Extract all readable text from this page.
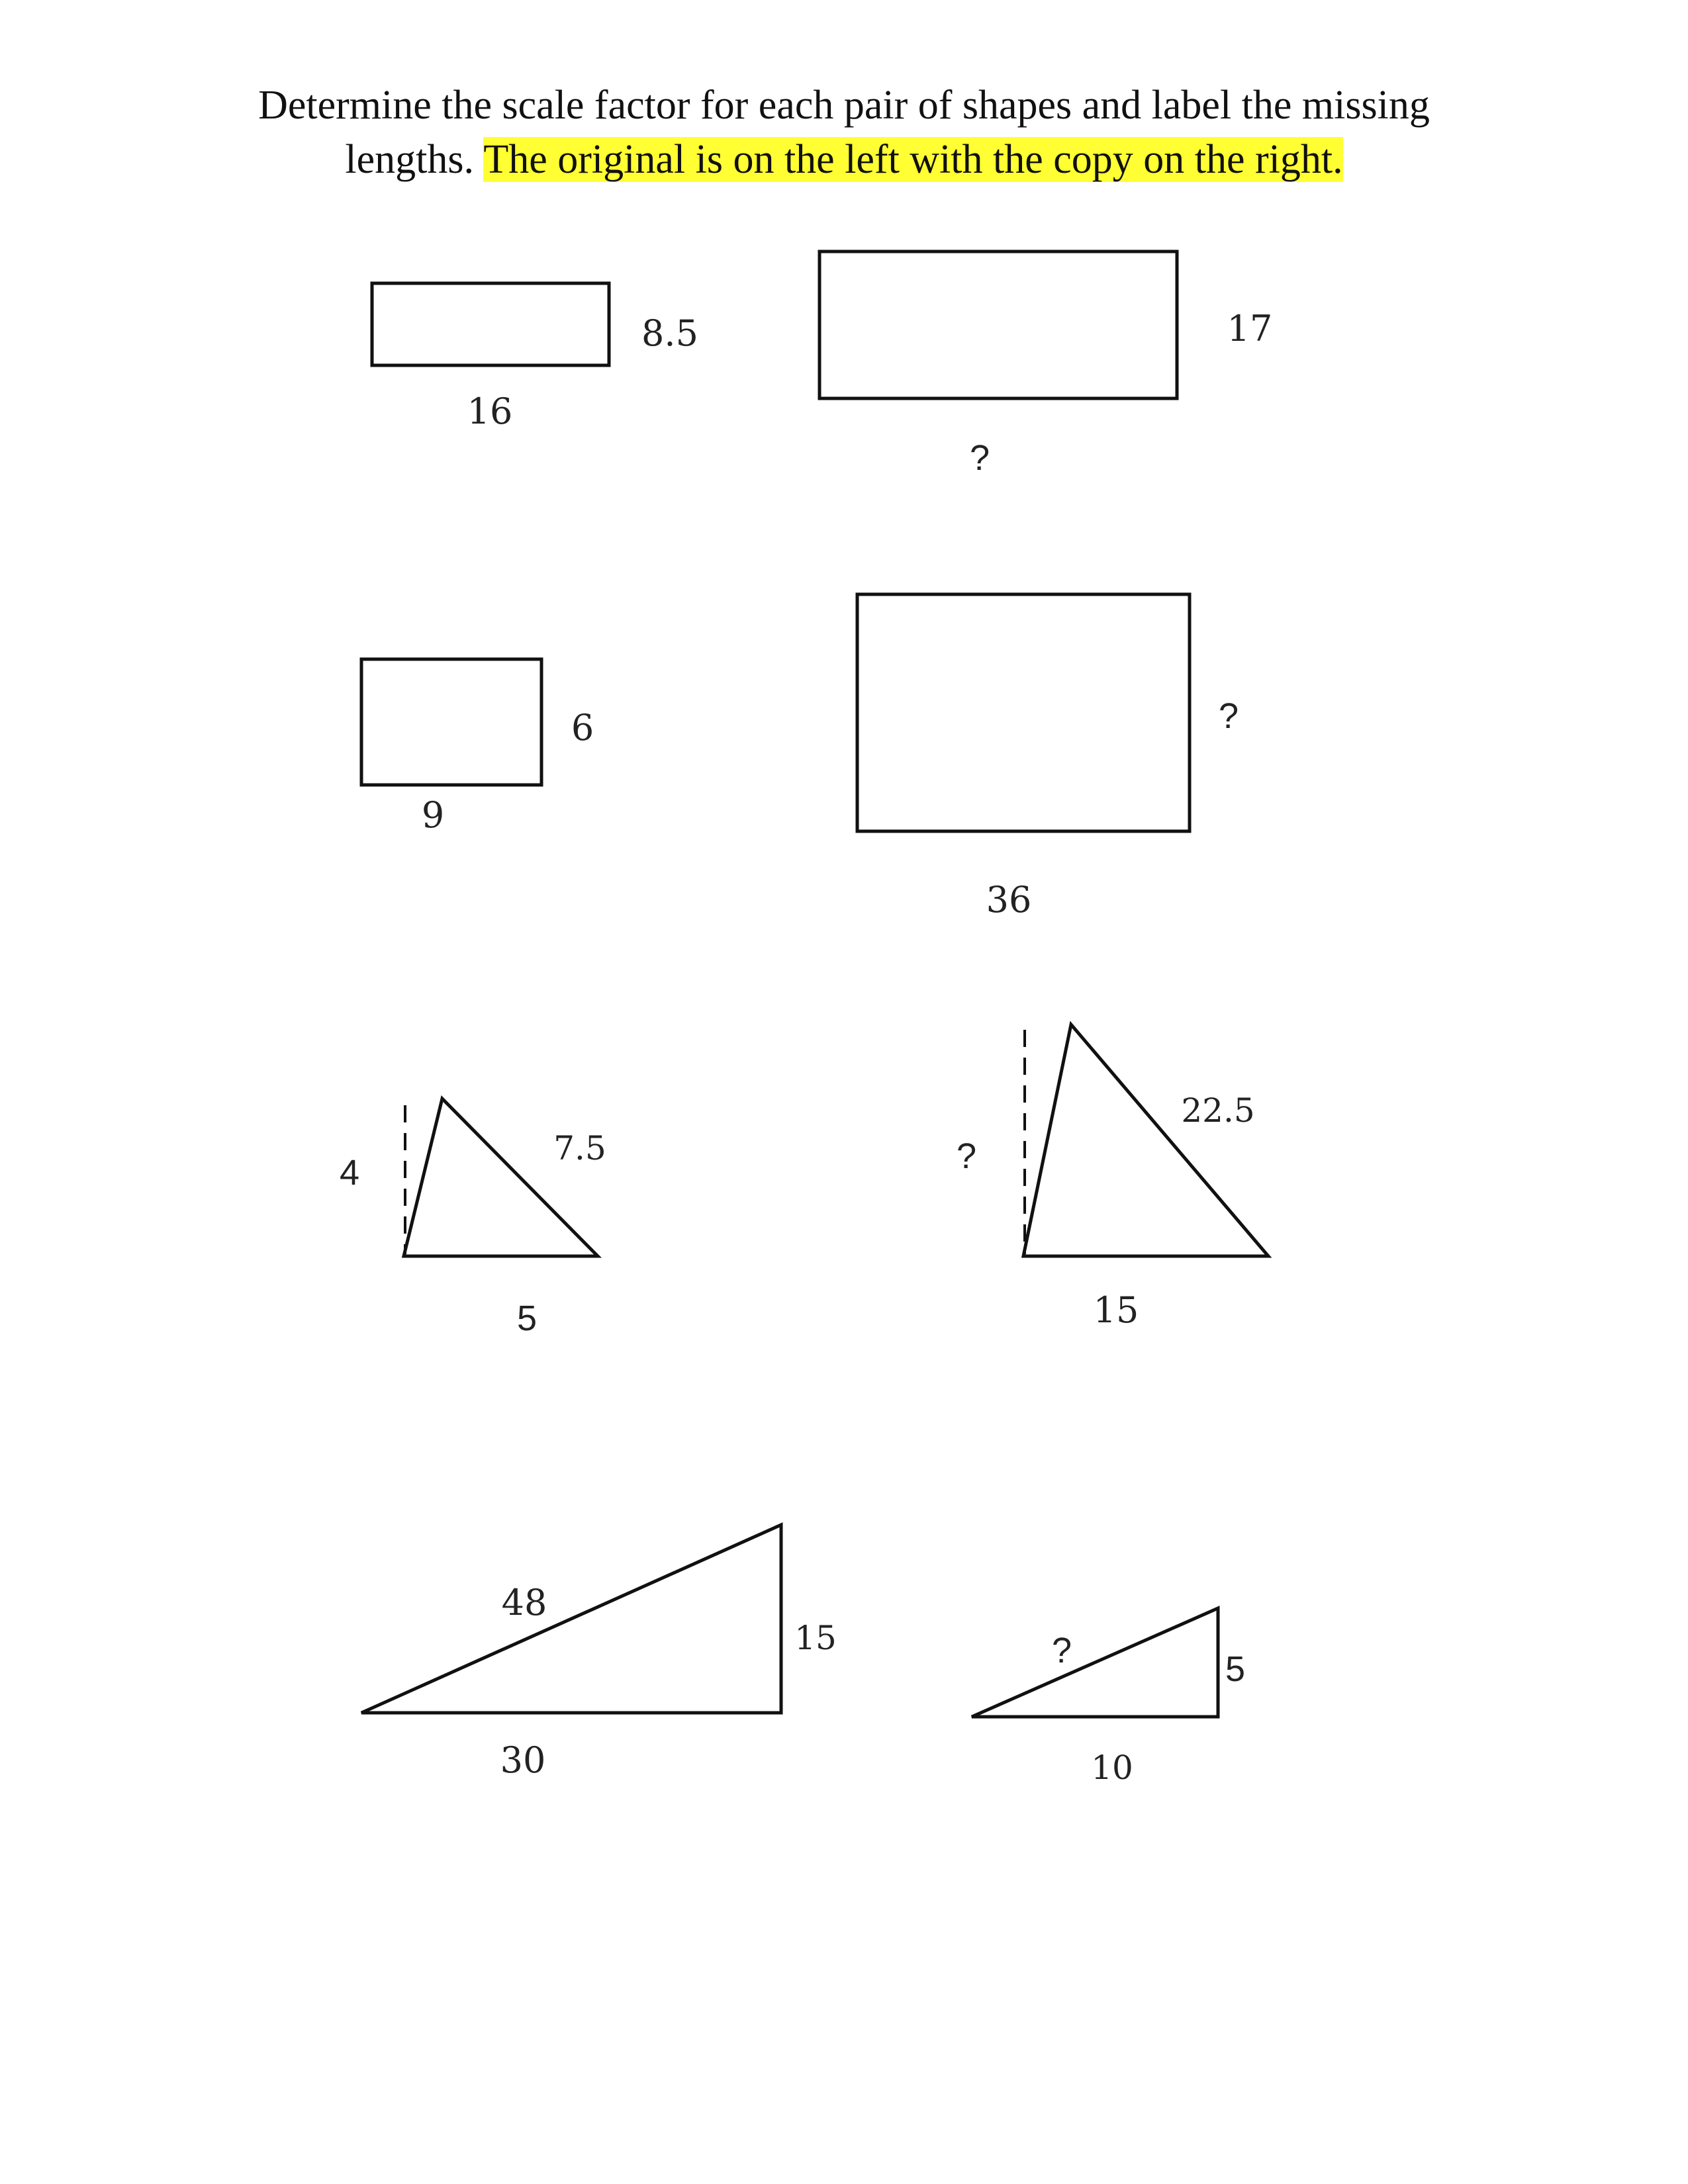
Determine the scale factor for each pair of shapes and label the missing
lengths. The original is on the left with the copy on the right.
16
8.5
?
17
9
6
36
?
4
7.5
5
?
22.5
15
48
30
15	?
10
5
